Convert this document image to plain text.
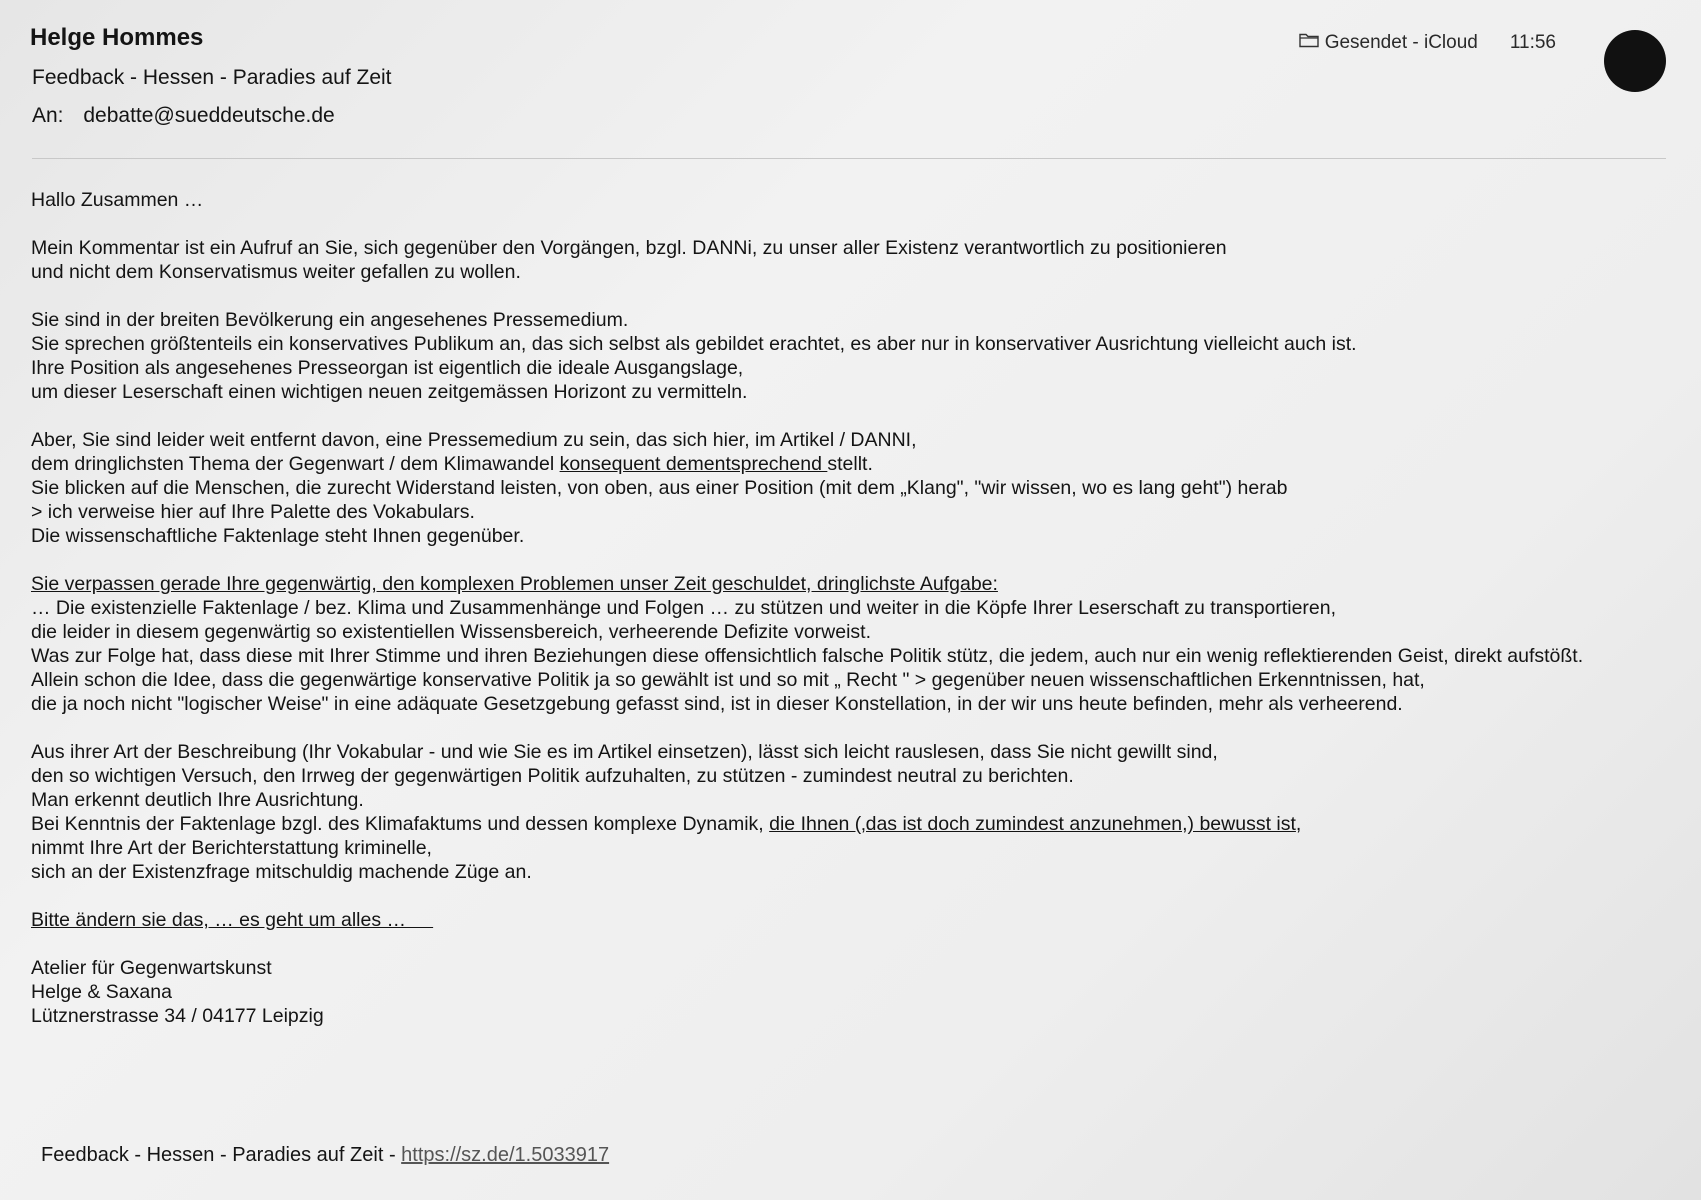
Helge Hommes
Feedback - Hessen - Paradies auf Zeit
An: debatte@sueddeutsche.de
Gesendet - iCloud 11:56
Hallo Zusammen …
Mein Kommentar ist ein Aufruf an Sie, sich gegenüber den Vorgängen, bzgl. DANNi, zu unser aller Existenz verantwortlich zu positionieren
und nicht dem Konservatismus weiter gefallen zu wollen.
Sie sind in der breiten Bevölkerung ein angesehenes Pressemedium.
Sie sprechen größtenteils ein konservatives Publikum an, das sich selbst als gebildet erachtet, es aber nur in konservativer Ausrichtung vielleicht auch ist.
Ihre Position als angesehenes Presseorgan ist eigentlich die ideale Ausgangslage,
um dieser Leserschaft einen wichtigen neuen zeitgemässen Horizont zu vermitteln.
Aber, Sie sind leider weit entfernt davon, eine Pressemedium zu sein, das sich hier, im Artikel / DANNI,
dem dringlichsten Thema der Gegenwart / dem Klimawandel konsequent dementsprechend stellt.
Sie blicken auf die Menschen, die zurecht Widerstand leisten, von oben, aus einer Position (mit dem „Klang", "wir wissen, wo es lang geht") herab
> ich verweise hier auf Ihre Palette des Vokabulars.
Die wissenschaftliche Faktenlage steht Ihnen gegenüber.
Sie verpassen gerade Ihre gegenwärtig, den komplexen Problemen unser Zeit geschuldet, dringlichste Aufgabe:
… Die existenzielle Faktenlage / bez. Klima und Zusammenhänge und Folgen … zu stützen und weiter in die Köpfe Ihrer Leserschaft zu transportieren,
die leider in diesem gegenwärtig so existentiellen Wissensbereich, verheerende Defizite vorweist.
Was zur Folge hat, dass diese mit Ihrer Stimme und ihren Beziehungen diese offensichtlich falsche Politik stütz, die jedem, auch nur ein wenig reflektierenden Geist, direkt aufstößt.
Allein schon die Idee, dass die gegenwärtige konservative Politik ja so gewählt ist und so mit „ Recht " > gegenüber neuen wissenschaftlichen Erkenntnissen, hat,
die ja noch nicht "logischer Weise" in eine adäquate Gesetzgebung gefasst sind, ist in dieser Konstellation, in der wir uns heute befinden, mehr als verheerend.
Aus ihrer Art der Beschreibung (Ihr Vokabular - und wie Sie es im Artikel einsetzen), lässt sich leicht rauslesen, dass Sie nicht gewillt sind,
den so wichtigen Versuch, den Irrweg der gegenwärtigen Politik aufzuhalten, zu stützen - zumindest neutral zu berichten.
Man erkennt deutlich Ihre Ausrichtung.
Bei Kenntnis der Faktenlage bzgl. des Klimafaktums und dessen komplexe Dynamik, die Ihnen (‚das ist doch zumindest anzunehmen,) bewusst ist,
nimmt Ihre Art der Berichterstattung kriminelle,
sich an der Existenzfrage mitschuldig machende Züge an.
Bitte ändern sie das, … es geht um alles …
Atelier für Gegenwartskunst
Helge & Saxana
Lütznerstrasse 34 / 04177 Leipzig
Feedback - Hessen - Paradies auf Zeit - https://sz.de/1.5033917
